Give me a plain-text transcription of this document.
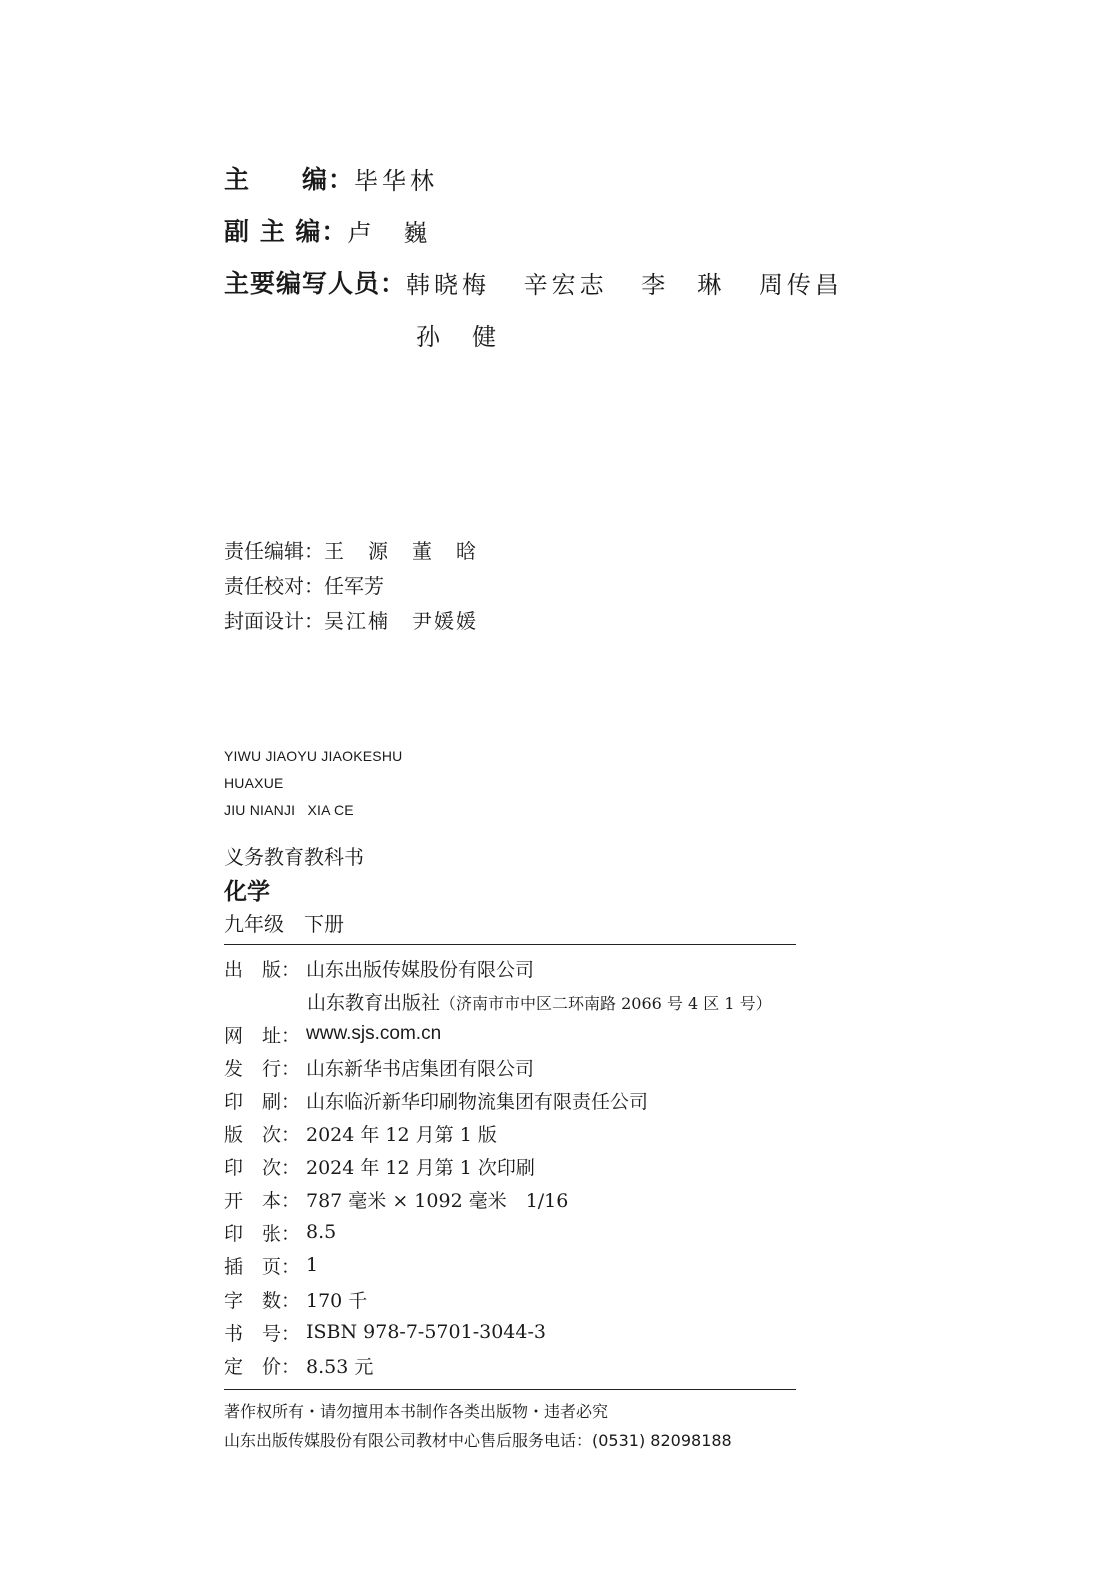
主　　编： 毕华林
副 主 编： 卢　巍
主要编写人员： 韩晓梅 辛宏志 李　琳 周传昌
孙　健
责任编辑：王　源 董　晗
责任校对：任军芳
封面设计：吴江楠 尹媛媛
YIWU JIAOYU JIAOKESHU
HUAXUE
JIU NIANJI   XIA CE
义务教育教科书
化学
九年级　下册
出　版： 山东出版传媒股份有限公司
山东教育出版社（济南市市中区二环南路 2066 号 4 区 1 号）
网　址： www.sjs.com.cn
发　行： 山东新华书店集团有限公司
印　刷： 山东临沂新华印刷物流集团有限责任公司
版　次： 2024 年 12 月第 1 版
印　次： 2024 年 12 月第 1 次印刷
开　本： 787 毫米 × 1092 毫米　1/16
印　张： 8.5
插　页： 1
字　数： 170 千
书　号： ISBN 978-7-5701-3044-3
定　价： 8.53 元
著作权所有・请勿擅用本书制作各类出版物・违者必究
山东出版传媒股份有限公司教材中心售后服务电话：(0531) 82098188
